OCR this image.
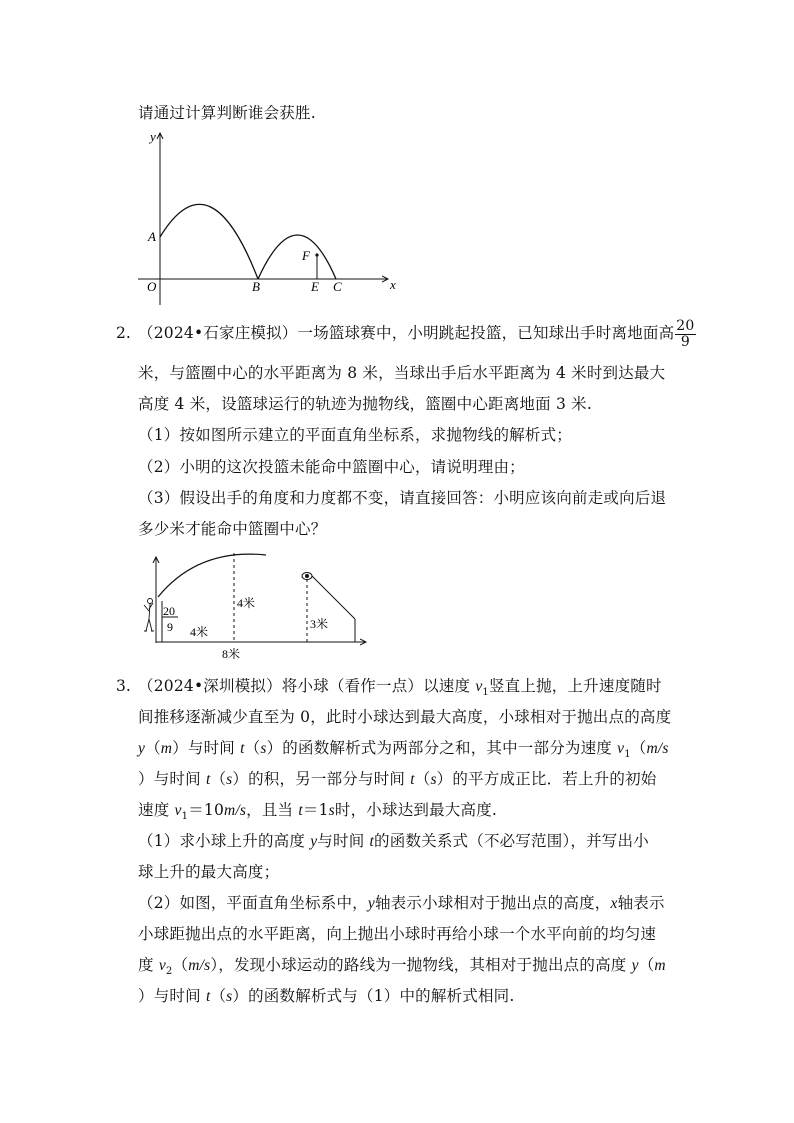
请通过计算判断谁会获胜.
y
x
O
A
B	E C
F
2. （2024•石家庄模拟）一场篮球赛中，小明跳起投篮，已知球出手时离地面高 $\frac{20}{9}$
米，与篮圈中心的水平距离为 8 米，当球出手后水平距离为 4 米时到达最大
高度 4 米，设篮球运行的轨迹为抛物线，篮圈中心距离地面 3 米.
（1）按如图所示建立的平面直角坐标系，求抛物线的解析式；
（2）小明的这次投篮未能命中篮圈中心，请说明理由；
（3）假设出手的角度和力度都不变，请直接回答：小明应该向前走或向后退
多少米才能命中篮圈中心？
20
9 4米
4米
3米
8米
3. （2024•深圳模拟）将小球（看作一点）以速度 $v_1$竖直上抛，上升速度随时
间推移逐渐减少直至为 0，此时小球达到最大高度，小球相对于抛出点的高度
y（m）与时间 t（s）的函数解析式为两部分之和，其中一部分为速度 $v_1(m/s$
）与时间 t（s）的积，另一部分与时间 t（s）的平方成正比．若上升的初始
速度 $v_1=10m/s$，且当 t＝1s时，小球达到最大高度.
（1）求小球上升的高度 y与时间 t的函数关系式（不必写范围），并写出小
球上升的最大高度；
（2）如图，平面直角坐标系中，y轴表示小球相对于抛出点的高度，x轴表示
小球距抛出点的水平距离，向上抛出小球时再给小球一个水平向前的均匀速
度 $v_2(m/s)$，发现小球运动的路线为一抛物线，其相对于抛出点的高度 y（m
）与时间 t（s）的函数解析式与（1）中的解析式相同.
